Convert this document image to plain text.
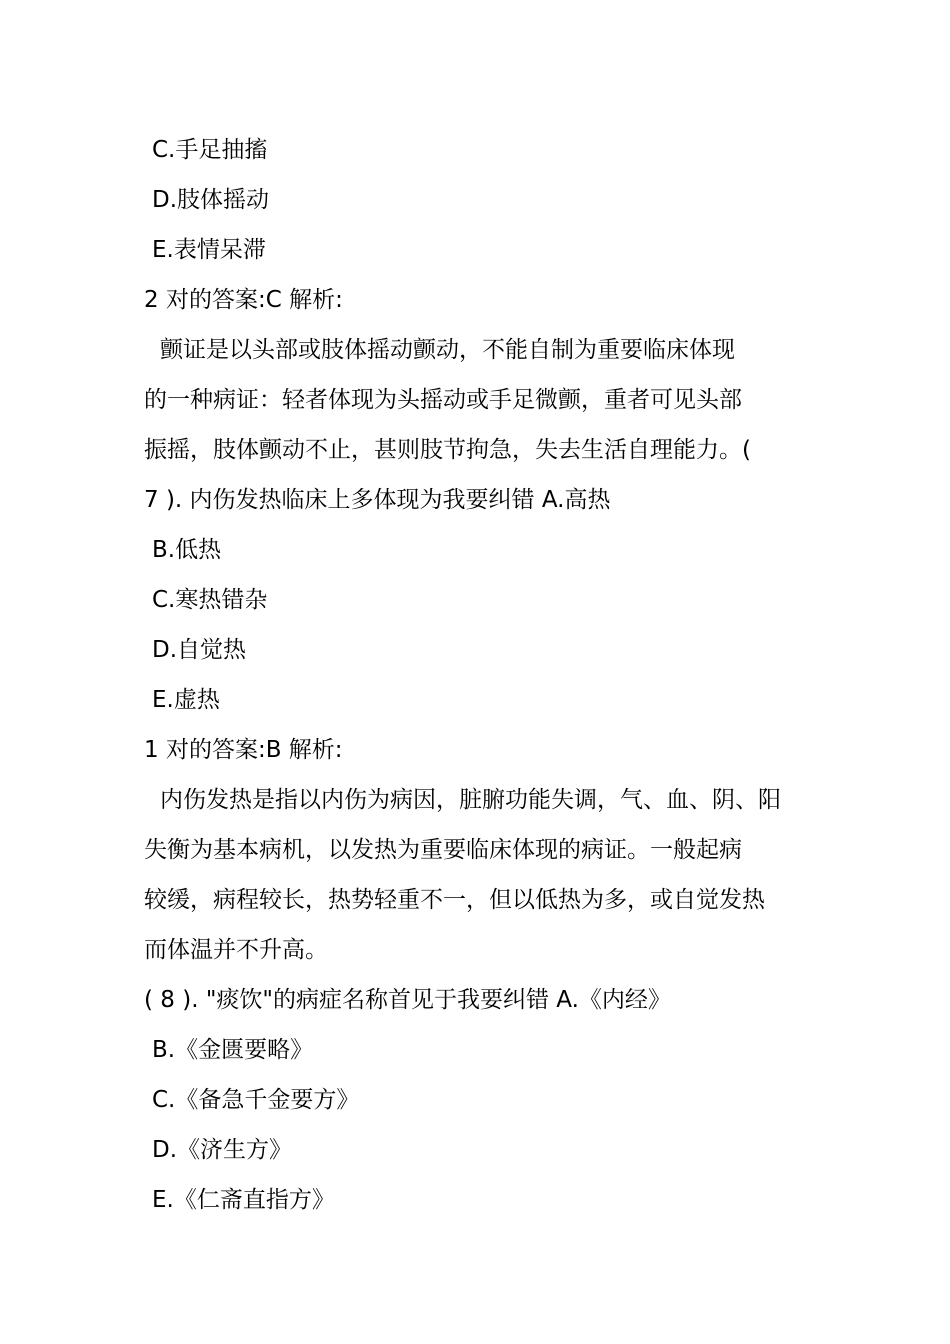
C.手足抽搐
D.肢体摇动
E.表情呆滞
2 对的答案:C 解析:
颤证是以头部或肢体摇动颤动，不能自制为重要临床体现
的一种病证：轻者体现为头摇动或手足微颤，重者可见头部
振摇，肢体颤动不止，甚则肢节拘急，失去生活自理能力。(
7 ). 内伤发热临床上多体现为我要纠错 A.高热
B.低热
C.寒热错杂
D.自觉热
E.虚热
1 对的答案:B 解析:
内伤发热是指以内伤为病因，脏腑功能失调，气、血、阴、阳
失衡为基本病机，以发热为重要临床体现的病证。一般起病
较缓，病程较长，热势轻重不一，但以低热为多，或自觉发热
而体温并不升高。
( 8 ). "痰饮"的病症名称首见于我要纠错 A.《内经》
B.《金匮要略》
C.《备急千金要方》
D.《济生方》
E.《仁斋直指方》
